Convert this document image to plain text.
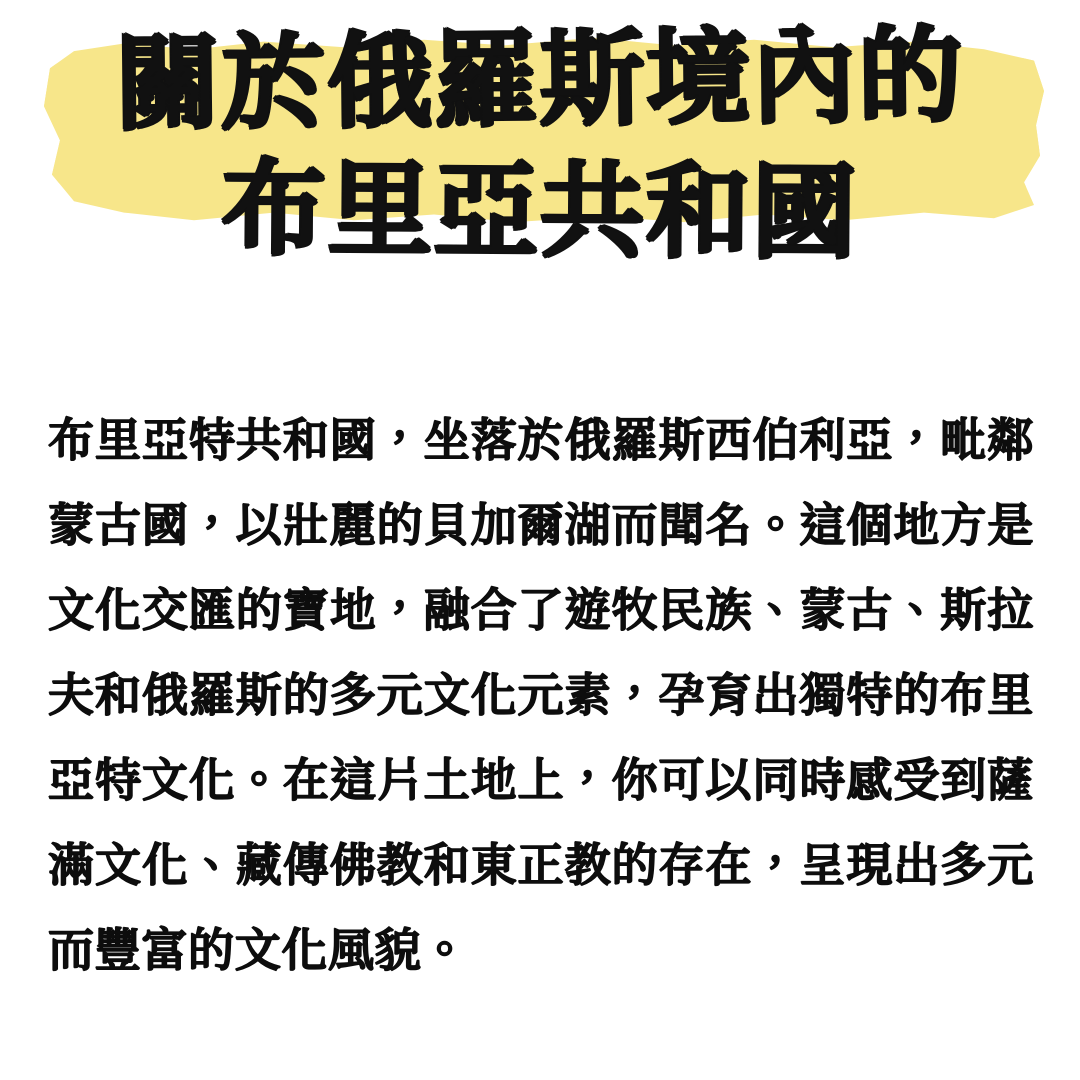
關於俄羅斯境內的
布里亞共和國

布里亞特共和國，坐落於俄羅斯西伯利亞，毗鄰蒙古國，以壯麗的貝加爾湖而聞名。這個地方是文化交匯的寶地，融合了遊牧民族、蒙古、斯拉夫和俄羅斯的多元文化元素，孕育出獨特的布里亞特文化。在這片土地上，你可以同時感受到薩滿文化、藏傳佛教和東正教的存在，呈現出多元而豐富的文化風貌。
